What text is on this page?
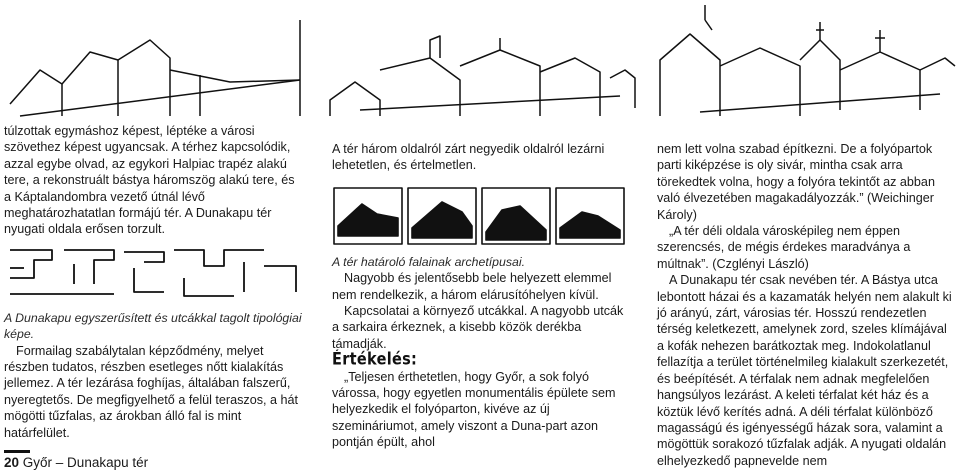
túlzottak egymáshoz képest, léptéke a városi szövethez képest ugyancsak. A térhez kapcsolódik, azzal egybe olvad, az egykori Halpiac trapéz alakú tere, a rekonstruált bástya háromszög alakú tere, és a Káptalandombra vezető útnál lévő meghatározhatatlan formájú tér. A Dunakapu tér nyugati oldala erősen torzult.

A Dunakapu egyszerűsített és utcákkal tagolt tipológiai képe.

Formailag szabálytalan képződmény, melyet részben tudatos, részben esetleges nőtt kialakítás jellemez. A tér lezárása foghíjas, általában falszerű, nyeregtetős. De megfigyelhető a felül teraszos, a hát mögötti tűzfalas, az árokban álló fal is mint határfelület.

A tér három oldalról zárt negyedik oldalról lezárni lehetetlen, és értelmetlen.

A tér határoló falainak archetípusai.

Nagyobb és jelentősebb bele helyezett elemmel nem rendelkezik, a három elárusítóhelyen kívül.

Kapcsolatai a környező utcákkal. A nagyobb utcák a sarkaira érkeznek, a kisebb közök derékba támadják.

Értékelés:

„Teljesen érthetetlen, hogy Győr, a sok folyó várossa, hogy egyetlen monumentális épülete sem helyezkedik el folyóparton, kivéve az új szemináriumot, amely viszont a Duna-part azon pontján épült, ahol

nem lett volna szabad építkezni. De a folyópartok parti kiképzése is oly sivár, mintha csak arra törekedtek volna, hogy a folyóra tekintőt az abban való élvezetében magakadályozzák.” (Weichinger Károly)

„A tér déli oldala városképileg nem éppen szerencsés, de mégis érdekes maradványa a múltnak”. (Czglényi László)

A Dunakapu tér csak nevében tér. A Bástya utca lebontott házai és a kazamaták helyén nem alakult ki jó arányú, zárt, városias tér. Hosszú rendezetlen térség keletkezett, amelynek zord, szeles klímájával a kofák nehezen barátkoztak meg. Indokolatlanul fellazítja a terület történelmileg kialakult szerkezetét, és beépítését. A térfalak nem adnak megfelelően hangsúlyos lezárást. A keleti térfalat két ház és a köztük lévő kerítés adná. A déli térfalat különböző magasságú és igényességű házak sora, valamint a mögöttük sorakozó tűzfalak adják. A nyugati oldalán elhelyezkedő papnevelde nem

20 Győr – Dunakapu tér
